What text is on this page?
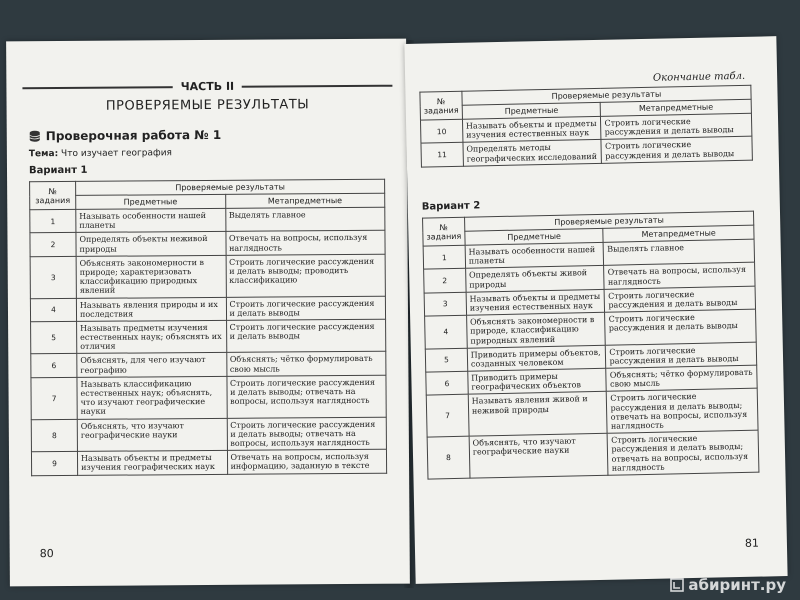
ЧАСТЬ II
ПРОВЕРЯЕМЫЕ РЕЗУЛЬТАТЫ
Проверочная работа № 1
Тема: Что изучает география
Вариант 1
№ задания	Проверяемые результаты	
	Предметные	Метапредметные
1	Называть особенности нашей планеты	Выделять главное
2	Определять объекты неживой природы	Отвечать на вопросы, используя наглядность
3	Объяснять закономерности в природе; характеризовать классификацию природных явлений	Строить логические рассуждения и делать выводы; проводить классификацию
4	Называть явления природы и их последствия	Строить логические рассуждения и делать выводы
5	Называть предметы изучения естественных наук; объяснять их отличия	Строить логические рассуждения и делать выводы
6	Объяснять, для чего изучают географию	Объяснять; чётко формулировать свою мысль
7	Называть классификацию естественных наук; объяснять, что изучают географические науки	Строить логические рассуждения и делать выводы; отвечать на вопросы, используя наглядность
8	Объяснять, что изучают географические науки	Строить логические рассуждения и делать выводы; отвечать на вопросы, используя наглядность
9	Называть объекты и предметы изучения географических наук	Отвечать на вопросы, используя информацию, заданную в тексте
80
Окончание табл.
№ задания	Проверяемые результаты	
	Предметные	Метапредметные
10	Называть объекты и предметы изучения естественных наук	Строить логические рассуждения и делать выводы
11	Определять методы географических исследований	Строить логические рассуждения и делать выводы
Вариант 2
№ задания	Проверяемые результаты	
	Предметные	Метапредметные
1	Называть особенности нашей планеты	Выделять главное
2	Определять объекты живой природы	Отвечать на вопросы, используя наглядность
3	Называть объекты и предметы изучения естественных наук	Строить логические рассуждения и делать выводы
4	Объяснять закономерности в природе, классификацию природных явлений	Строить логические рассуждения и делать выводы
5	Приводить примеры объектов, созданных человеком	Строить логические рассуждения и делать выводы
6	Приводить примеры географических объектов	Объяснять; чётко формулировать свою мысль
7	Называть явления живой и неживой природы	Строить логические рассуждения и делать выводы; отвечать на вопросы, используя наглядность
8	Объяснять, что изучают географические науки	Строить логические рассуждения и делать выводы; отвечать на вопросы, используя наглядность
81
абиринт.ру
